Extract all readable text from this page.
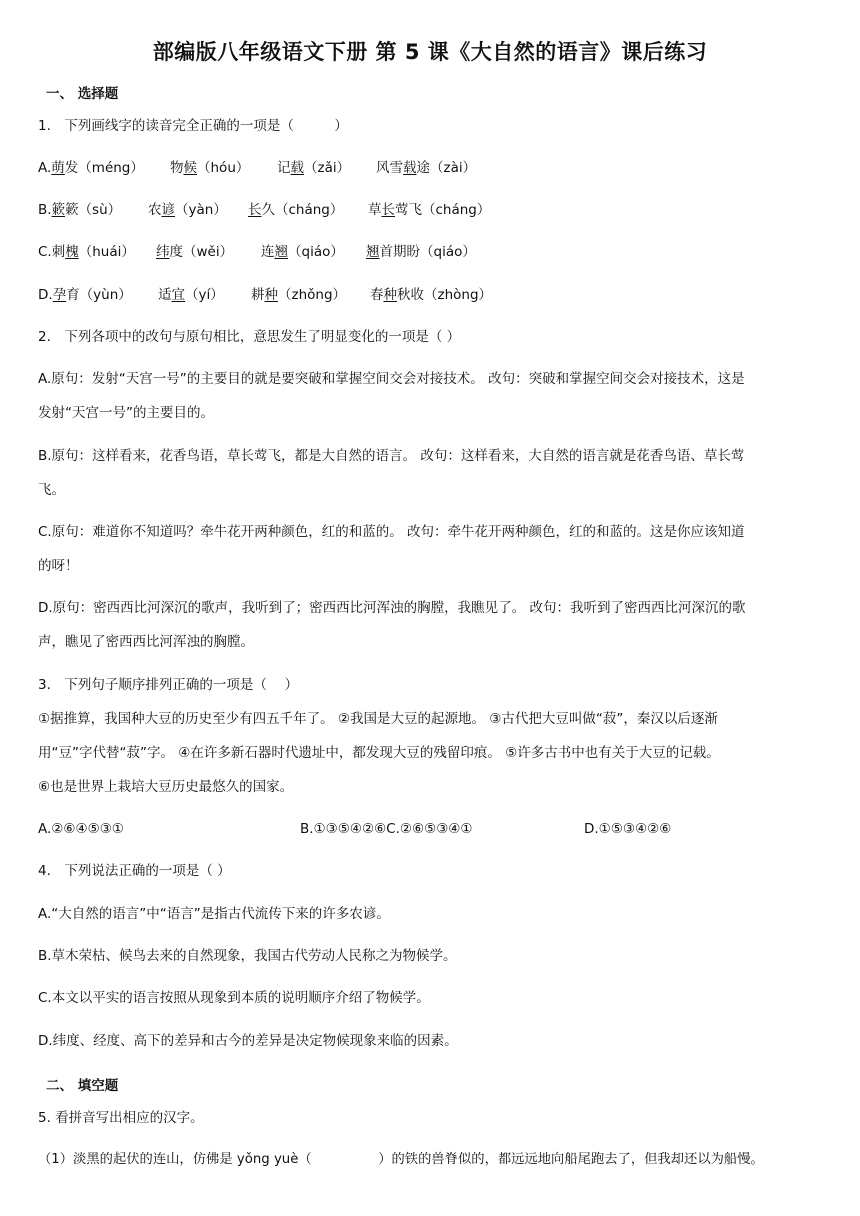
部编版八年级语文下册 第 5 课《大自然的语言》课后练习
一、 选择题
1.　下列画线字的读音完全正确的一项是（　　　）
A.萌发（méng） 物候（hóu） 记载（zǎi） 风雪载途（zài）
B.簌簌（sù） 农谚（yàn） 长久（cháng） 草长莺飞（cháng）
C.刺槐（huái） 纬度（wěi） 连翘（qiáo） 翘首期盼（qiáo）
D.孕育（yùn） 适宜（yí） 耕种（zhǒng） 春种秋收（zhòng）
2.　下列各项中的改句与原句相比，意思发生了明显变化的一项是（ ）
A.原句：发射“天宫一号”的主要目的就是要突破和掌握空间交会对接技术。 改句：突破和掌握空间交会对接技术，这是
发射“天宫一号”的主要目的。
B.原句：这样看来，花香鸟语，草长莺飞，都是大自然的语言。 改句：这样看来，大自然的语言就是花香鸟语、草长莺
飞。
C.原句：难道你不知道吗？牵牛花开两种颜色，红的和蓝的。 改句：牵牛花开两种颜色，红的和蓝的。这是你应该知道
的呀！
D.原句：密西西比河深沉的歌声，我听到了；密西西比河浑浊的胸膛，我瞧见了。 改句：我听到了密西西比河深沉的歌
声，瞧见了密西西比河浑浊的胸膛。
3.　下列句子顺序排列正确的一项是（　 ）
①据推算，我国种大豆的历史至少有四五千年了。 ②我国是大豆的起源地。 ③古代把大豆叫做“菽”，秦汉以后逐渐
用“豆”字代替“菽”字。 ④在许多新石器时代遗址中，都发现大豆的残留印痕。 ⑤许多古书中也有关于大豆的记载。
⑥也是世界上栽培大豆历史最悠久的国家。
A.②⑥④⑤③①	B.①③⑤④②⑥C.②⑥⑤③④①	D.①⑤③④②⑥
4.　下列说法正确的一项是（ ）
A.“大自然的语言”中“语言”是指古代流传下来的许多农谚。
B.草木荣枯、候鸟去来的自然现象，我国古代劳动人民称之为物候学。
C.本文以平实的语言按照从现象到本质的说明顺序介绍了物候学。
D.纬度、经度、高下的差异和古今的差异是决定物候现象来临的因素。
二、 填空题
5. 看拼音写出相应的汉字。
（1）淡黑的起伏的连山，仿佛是 yǒng yuè（　　　　　）的铁的兽脊似的，都远远地向船尾跑去了，但我却还以为船慢。
